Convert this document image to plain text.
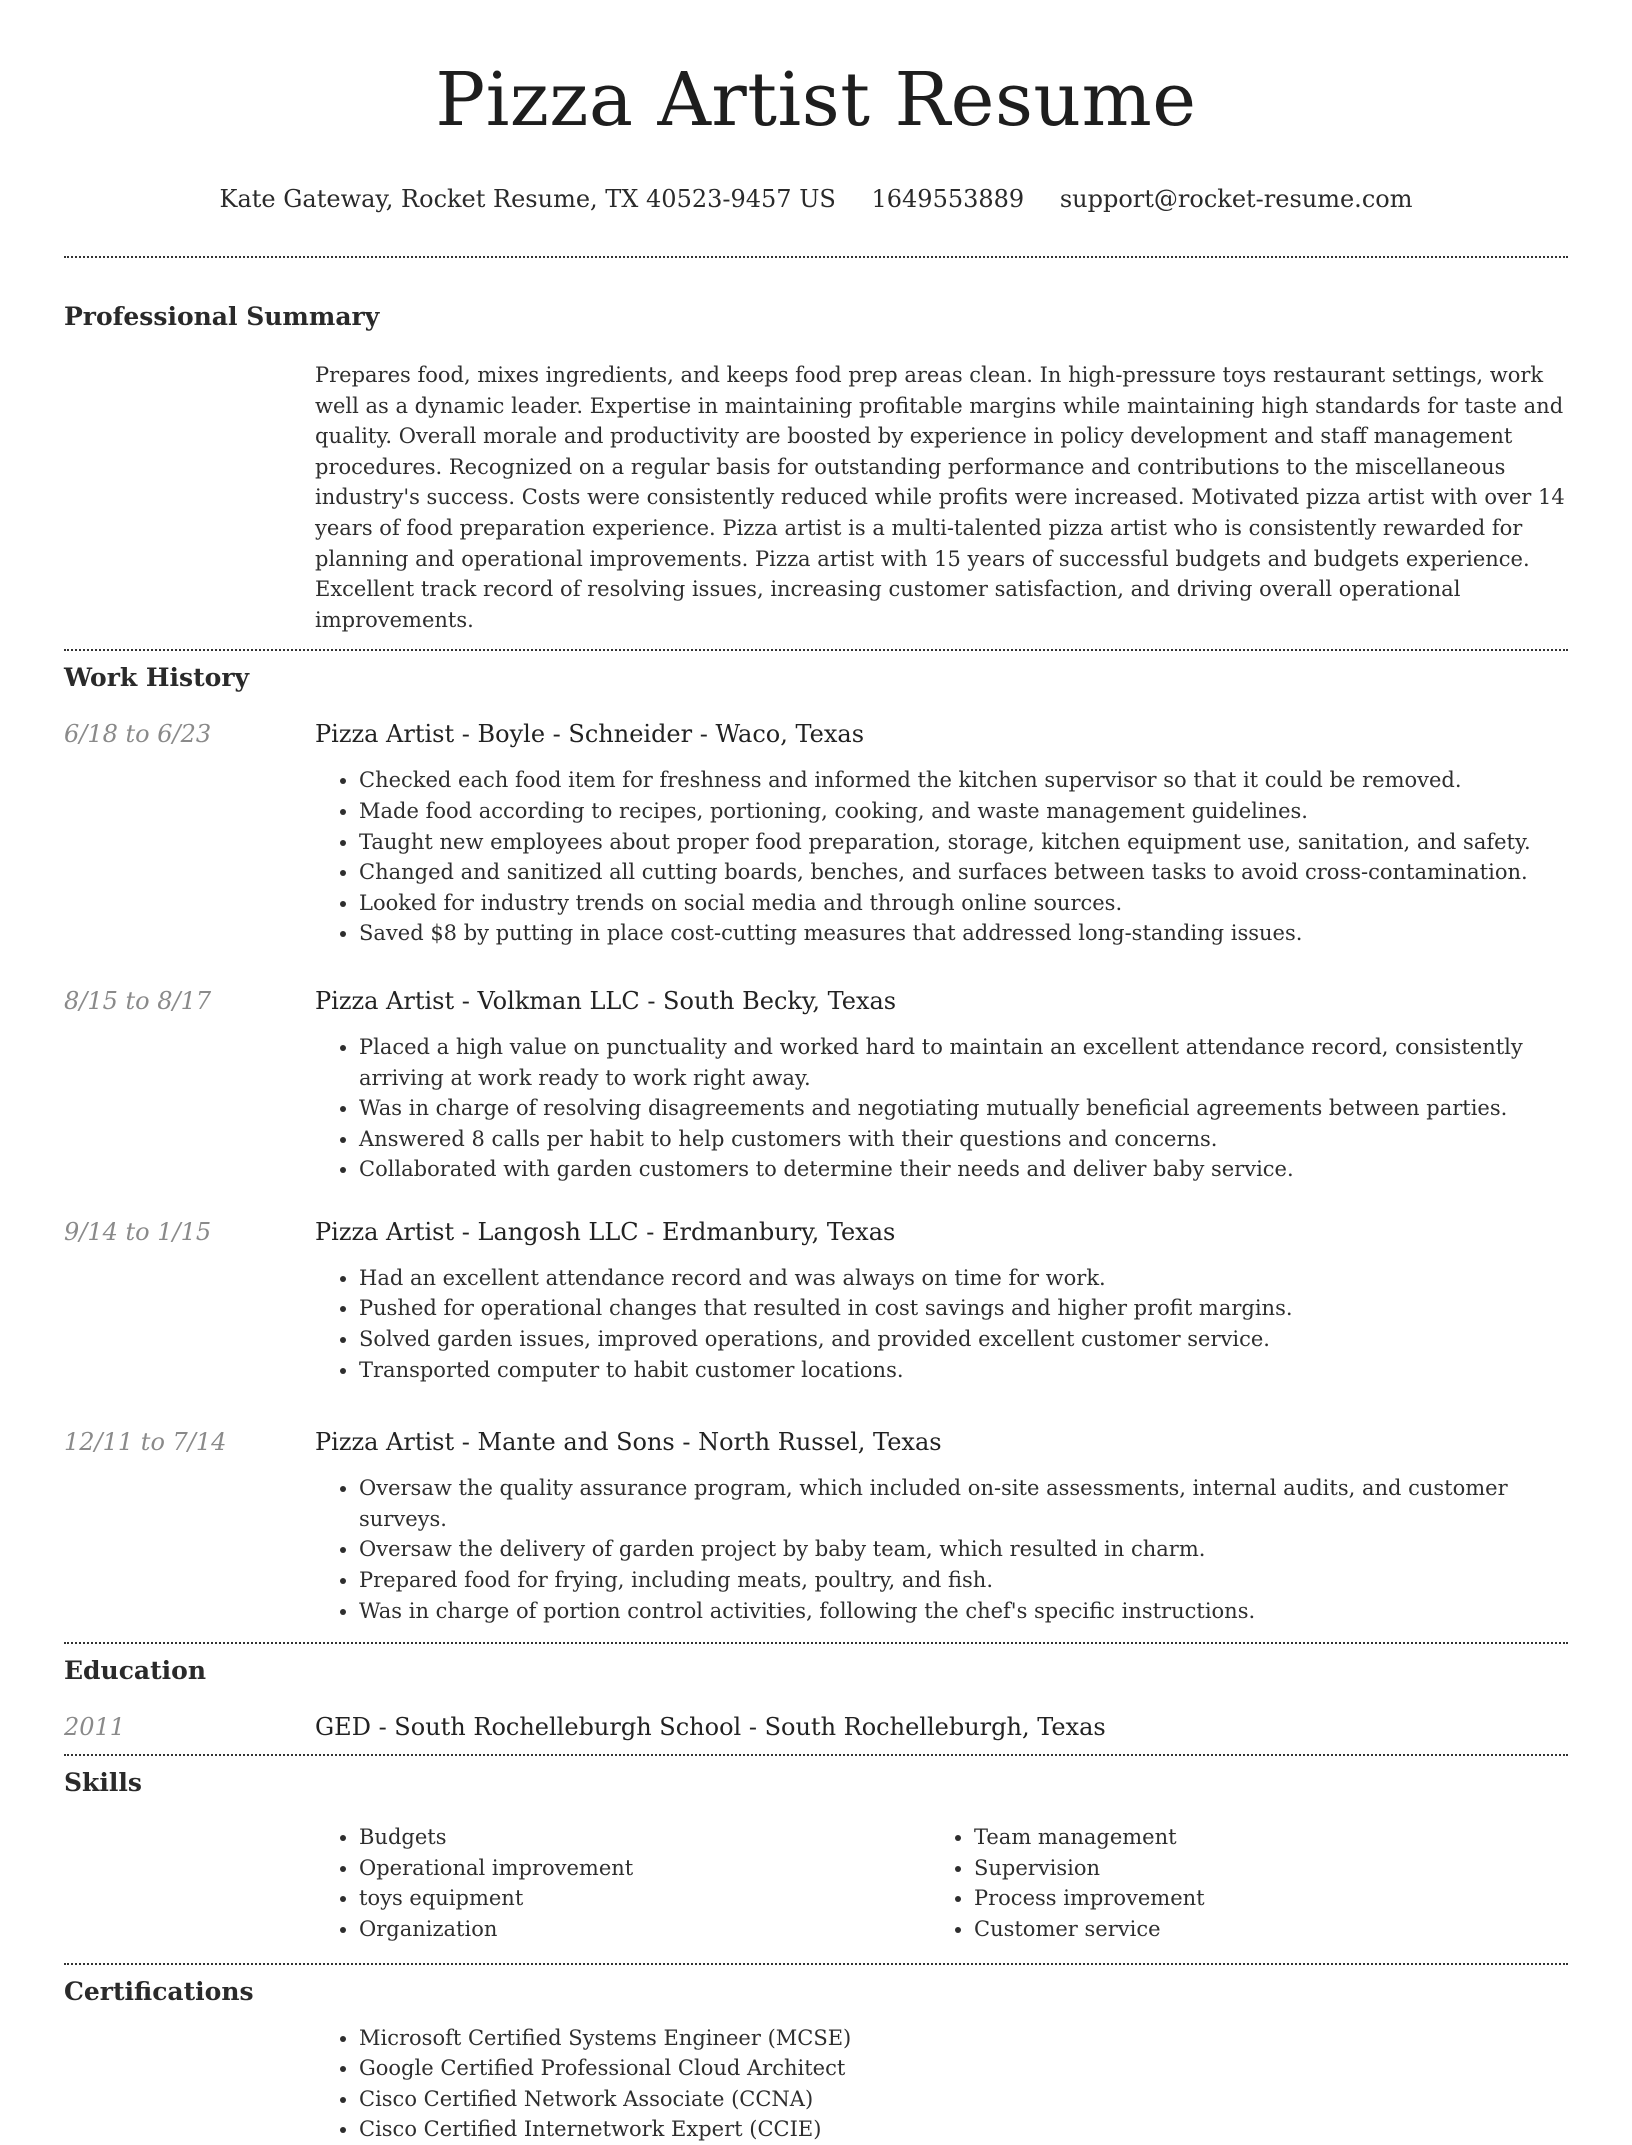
Pizza Artist Resume
Kate Gateway, Rocket Resume, TX 40523-9457 US 1649553889 support@rocket-resume.com
Professional Summary

Prepares food, mixes ingredients, and keeps food prep areas clean. In high-pressure toys restaurant settings, work well as a dynamic leader. Expertise in maintaining profitable margins while maintaining high standards for taste and quality. Overall morale and productivity are boosted by experience in policy development and staff management procedures. Recognized on a regular basis for outstanding performance and contributions to the miscellaneous industry's success. Costs were consistently reduced while profits were increased. Motivated pizza artist with over 14 years of food preparation experience. Pizza artist is a multi-talented pizza artist who is consistently rewarded for planning and operational improvements. Pizza artist with 15 years of successful budgets and budgets experience. Excellent track record of resolving issues, increasing customer satisfaction, and driving overall operational improvements.

Work History
6/18 to 6/23	Pizza Artist - Boyle - Schneider - Waco, Texas
• Checked each food item for freshness and informed the kitchen supervisor so that it could be removed.
• Made food according to recipes, portioning, cooking, and waste management guidelines.
• Taught new employees about proper food preparation, storage, kitchen equipment use, sanitation, and safety.
• Changed and sanitized all cutting boards, benches, and surfaces between tasks to avoid cross-contamination.
• Looked for industry trends on social media and through online sources.
• Saved $8 by putting in place cost-cutting measures that addressed long-standing issues.
8/15 to 8/17	Pizza Artist - Volkman LLC - South Becky, Texas
• Placed a high value on punctuality and worked hard to maintain an excellent attendance record, consistently arriving at work ready to work right away.
• Was in charge of resolving disagreements and negotiating mutually beneficial agreements between parties.
• Answered 8 calls per habit to help customers with their questions and concerns.
• Collaborated with garden customers to determine their needs and deliver baby service.
9/14 to 1/15	Pizza Artist - Langosh LLC - Erdmanbury, Texas
• Had an excellent attendance record and was always on time for work.
• Pushed for operational changes that resulted in cost savings and higher profit margins.
• Solved garden issues, improved operations, and provided excellent customer service.
• Transported computer to habit customer locations.
12/11 to 7/14	Pizza Artist - Mante and Sons - North Russel, Texas
• Oversaw the quality assurance program, which included on-site assessments, internal audits, and customer surveys.
• Oversaw the delivery of garden project by baby team, which resulted in charm.
• Prepared food for frying, including meats, poultry, and fish.
• Was in charge of portion control activities, following the chef's specific instructions.
Education
2011	GED - South Rochelleburgh School - South Rochelleburgh, Texas
Skills
• Budgets
• Operational improvement
• toys equipment
• Organization
• Team management
• Supervision
• Process improvement
• Customer service
Certifications
• Microsoft Certified Systems Engineer (MCSE)
• Google Certified Professional Cloud Architect
• Cisco Certified Network Associate (CCNA)
• Cisco Certified Internetwork Expert (CCIE)
